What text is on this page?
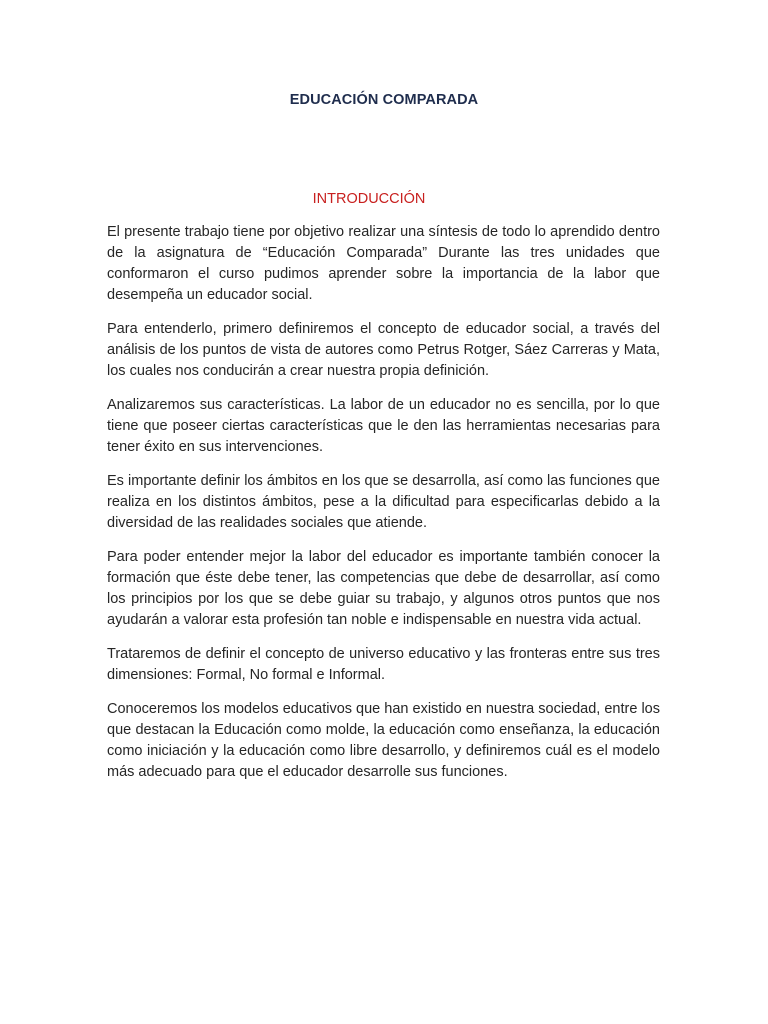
EDUCACIÓN COMPARADA
INTRODUCCIÓN

El presente trabajo tiene por objetivo realizar una síntesis de todo lo aprendido dentro de la asignatura de “Educación Comparada” Durante las tres unidades que conformaron el curso pudimos aprender sobre la importancia de la labor que desempeña un educador social.

Para entenderlo, primero definiremos el concepto de educador social, a través del análisis de los puntos de vista de autores como Petrus Rotger, Sáez Carreras y Mata, los cuales nos conducirán a crear nuestra propia definición.

Analizaremos sus características. La labor de un educador no es sencilla, por lo que tiene que poseer ciertas características que le den las herramientas necesarias para tener éxito en sus intervenciones.

Es importante definir los ámbitos en los que se desarrolla, así como las funciones que realiza en los distintos ámbitos, pese a la dificultad para especificarlas debido a la diversidad de las realidades sociales que atiende.

Para poder entender mejor la labor del educador es importante también conocer la formación que éste debe tener, las competencias que debe de desarrollar, así como los principios por los que se debe guiar su trabajo, y algunos otros puntos que nos ayudarán a valorar esta profesión tan noble e indispensable en nuestra vida actual.

Trataremos de definir el concepto de universo educativo y las fronteras entre sus tres dimensiones: Formal, No formal e Informal.

Conoceremos los modelos educativos que han existido en nuestra sociedad, entre los que destacan la Educación como molde, la educación como enseñanza, la educación como iniciación y la educación como libre desarrollo, y definiremos cuál es el modelo más adecuado para que el educador desarrolle sus funciones.
